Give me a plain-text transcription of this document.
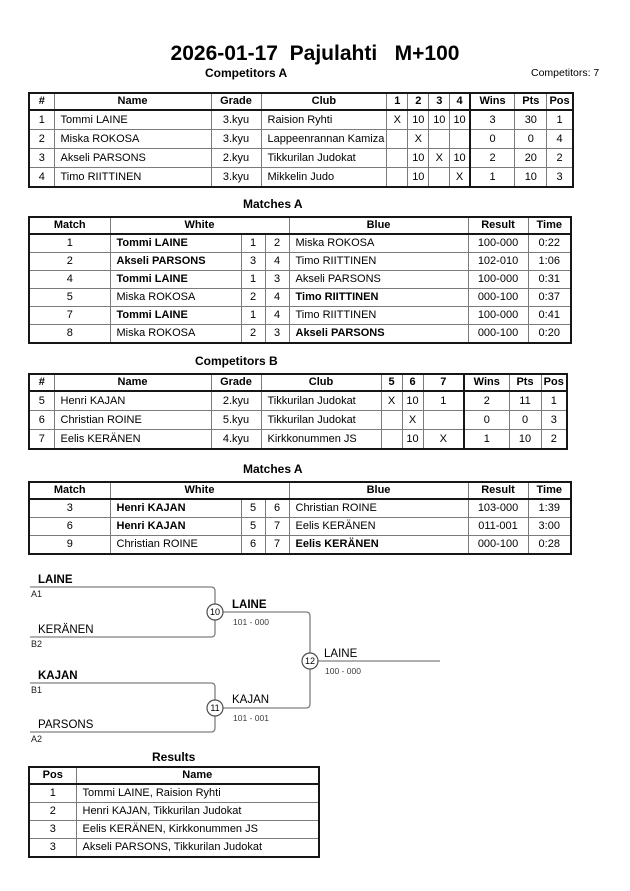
2026-01-17  Pajulahti   M+100
Competitors A	Competitors: 7
#	Name	Grade	Club	1	2	3	4	Wins	Pts	Pos
1	Tommi LAINE	3.kyu	Raision Ryhti	X	10	10	10	3	30	1
2	Miska ROKOSA	3.kyu	Lappeenrannan Kamiza		X			0	0	4
3	Akseli PARSONS	2.kyu	Tikkurilan Judokat		10	X	10	2	20	2
4	Timo RIITTINEN	3.kyu	Mikkelin Judo		10		X	1	10	3
Matches A
Match	White			Blue	Result	Time
1	Tommi LAINE	1	2	Miska ROKOSA	100-000	0:22
2	Akseli PARSONS	3	4	Timo RIITTINEN	102-010	1:06
4	Tommi LAINE	1	3	Akseli PARSONS	100-000	0:31
5	Miska ROKOSA	2	4	Timo RIITTINEN	000-100	0:37
7	Tommi LAINE	1	4	Timo RIITTINEN	100-000	0:41
8	Miska ROKOSA	2	3	Akseli PARSONS	000-100	0:20
Competitors B
#	Name	Grade	Club	5	6	7	Wins	Pts	Pos
5	Henri KAJAN	2.kyu	Tikkurilan Judokat	X	10	1	2	11	1
6	Christian ROINE	5.kyu	Tikkurilan Judokat		X		0	0	3
7	Eelis KERÄNEN	4.kyu	Kirkkonummen JS		10	X	1	10	2
Matches A
Match	White			Blue	Result	Time
3	Henri KAJAN	5	6	Christian ROINE	103-000	1:39
6	Henri KAJAN	5	7	Eelis KERÄNEN	011-001	3:00
9	Christian ROINE	6	7	Eelis KERÄNEN	000-100	0:28
LAINE
A1
KERÄNEN
B2
10
LAINE
101 - 000
KAJAN
B1
PARSONS
A2
11
KAJAN
101 - 001
12
LAINE
100 - 000
Results
Pos	Name
1	Tommi LAINE, Raision Ryhti
2	Henri KAJAN, Tikkurilan Judokat
3	Eelis KERÄNEN, Kirkkonummen JS
3	Akseli PARSONS, Tikkurilan Judokat
